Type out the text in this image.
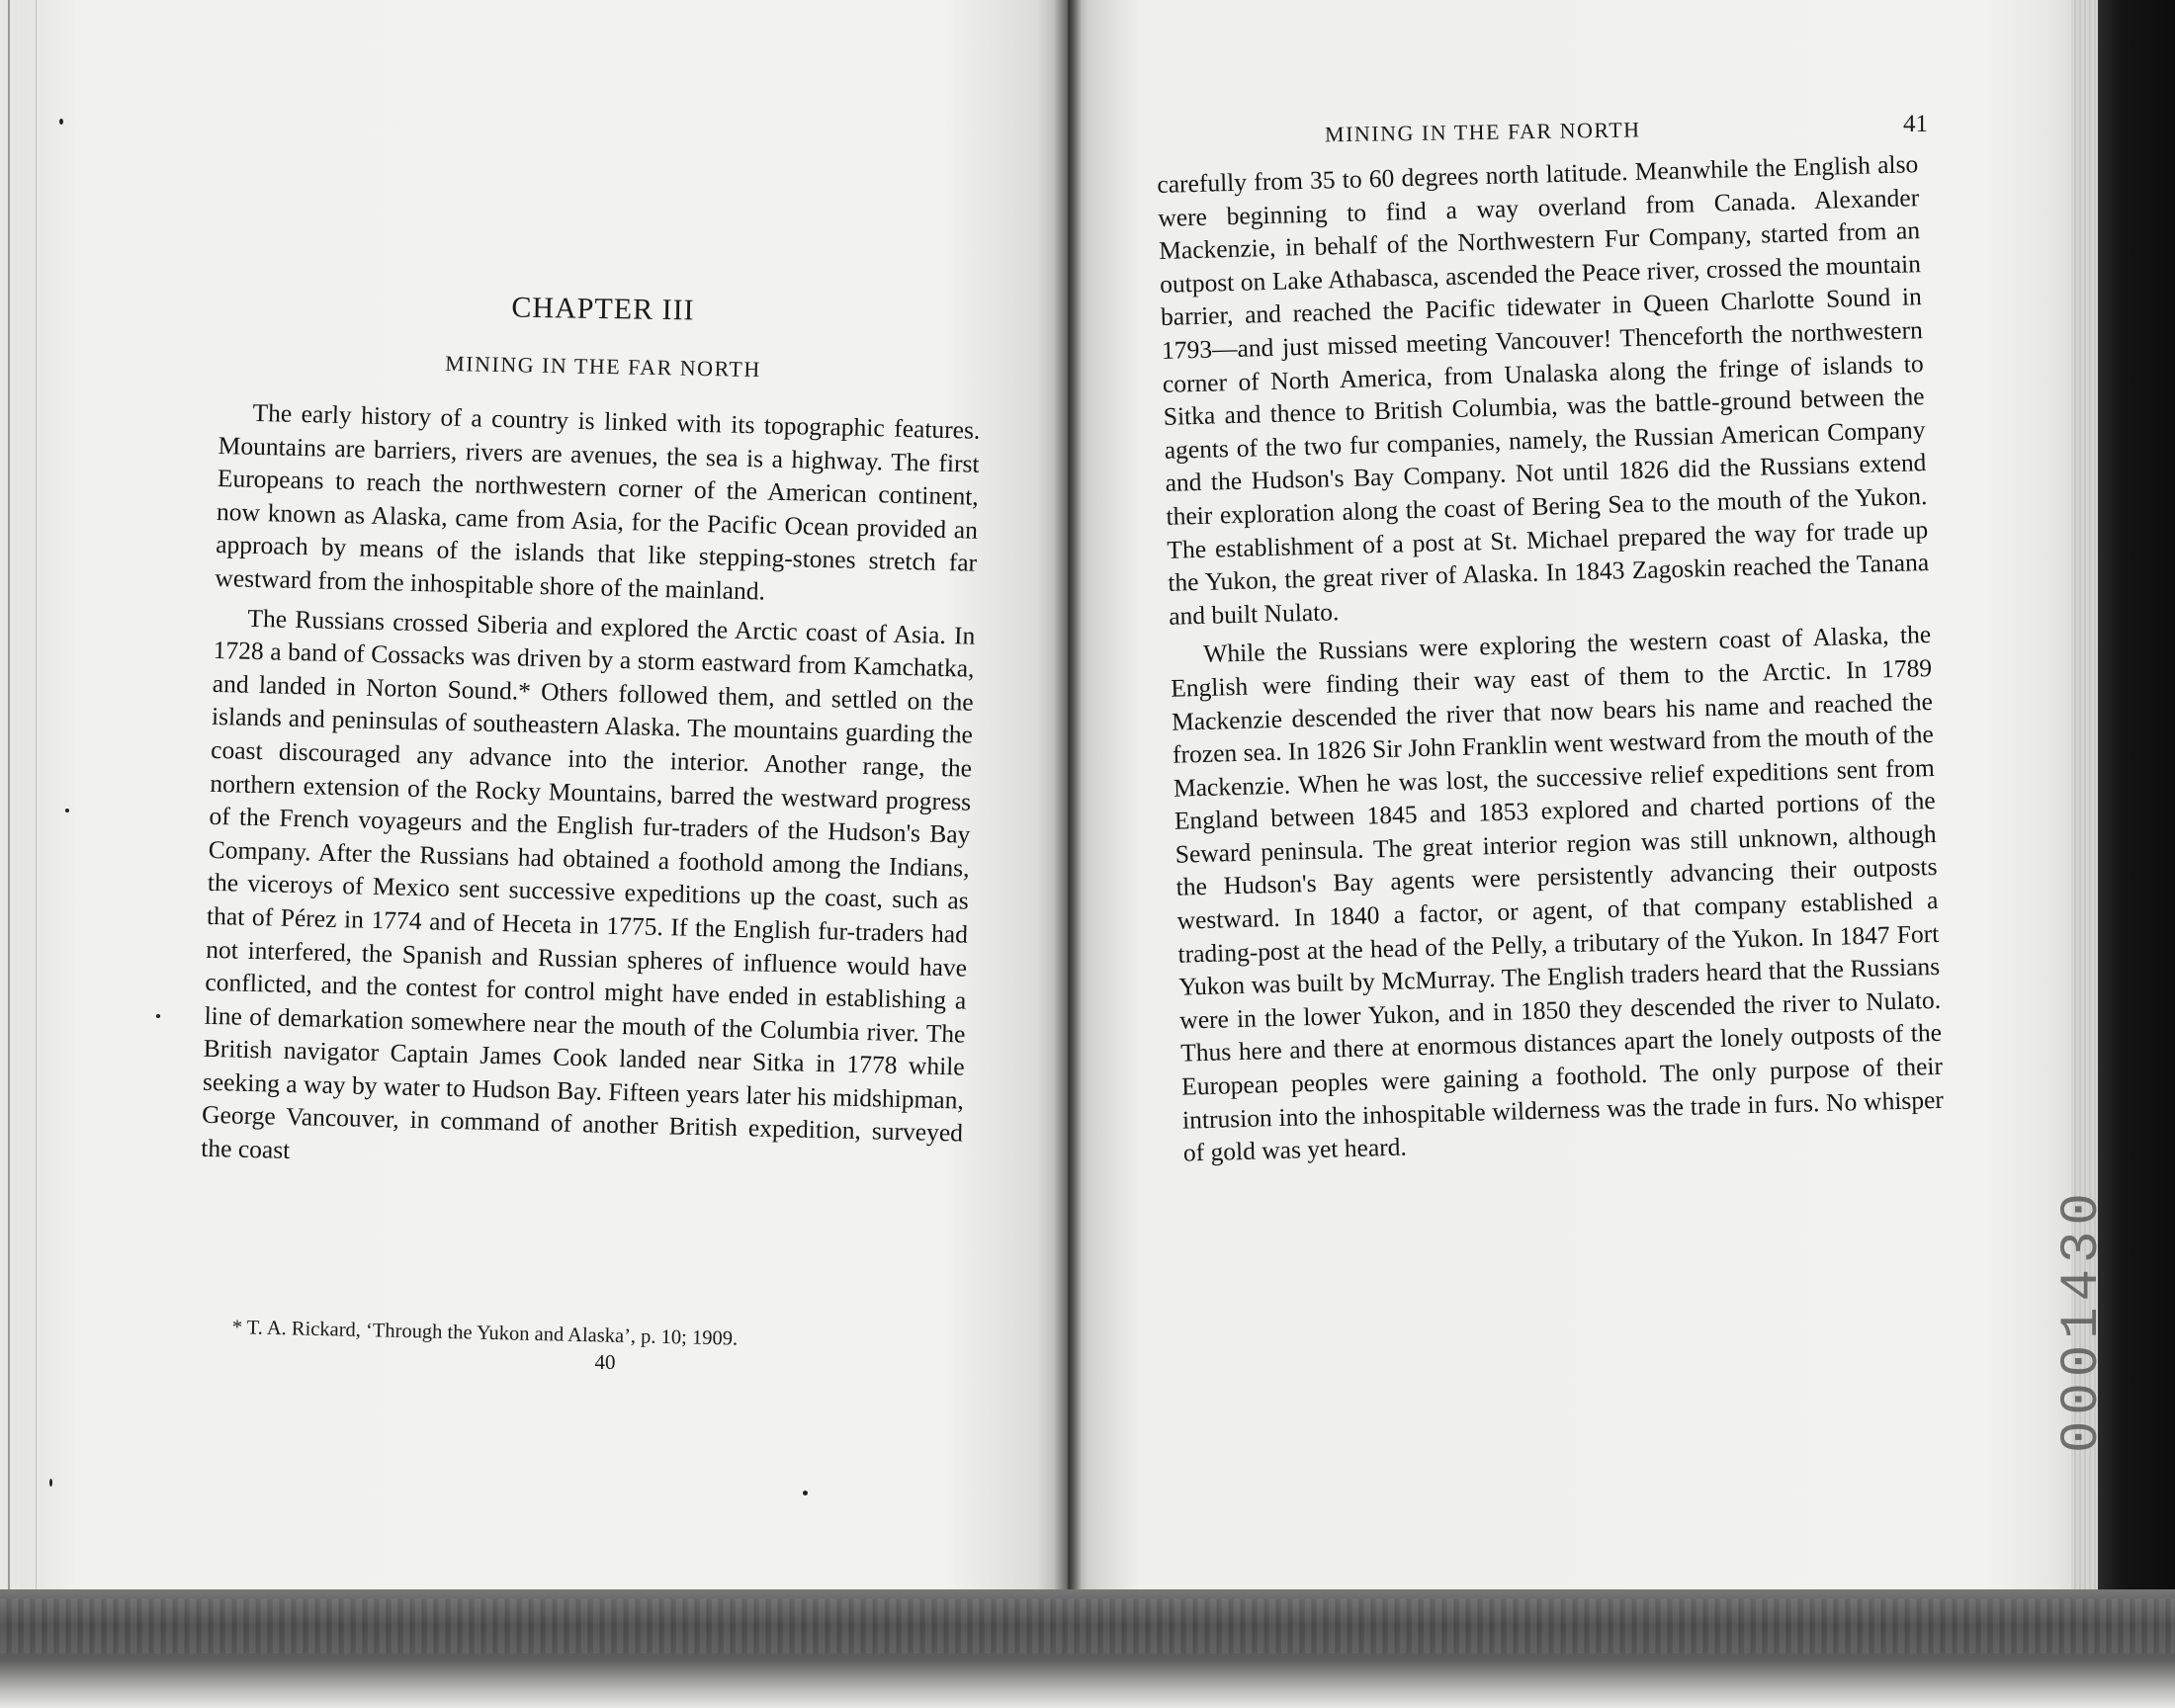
0001430
CHAPTER III
MINING IN THE FAR NORTH

The early history of a country is linked with its topographic features. Mountains are barriers, rivers are avenues, the sea is a highway. The first Europeans to reach the northwestern corner of the American continent, now known as Alaska, came from Asia, for the Pacific Ocean provided an approach by means of the islands that like stepping-stones stretch far westward from the inhospitable shore of the mainland.

The Russians crossed Siberia and explored the Arctic coast of Asia. In 1728 a band of Cossacks was driven by a storm eastward from Kamchatka, and landed in Norton Sound.* Others followed them, and settled on the islands and peninsulas of southeastern Alaska. The mountains guarding the coast discouraged any advance into the interior. Another range, the northern extension of the Rocky Mountains, barred the westward progress of the French voyageurs and the English fur-traders of the Hudson's Bay Company. After the Russians had obtained a foothold among the Indians, the viceroys of Mexico sent successive expeditions up the coast, such as that of Pérez in 1774 and of Heceta in 1775. If the English fur-traders had not interfered, the Spanish and Russian spheres of influence would have conflicted, and the contest for control might have ended in establishing a line of demarkation somewhere near the mouth of the Columbia river. The British navigator Captain James Cook landed near Sitka in 1778 while seeking a way by water to Hudson Bay. Fifteen years later his midshipman, George Vancouver, in command of another British expedition, surveyed the coast

* T. A. Rickard, ‘Through the Yukon and Alaska’, p. 10; 1909.
40
MINING IN THE FAR NORTH	41

carefully from 35 to 60 degrees north latitude. Meanwhile the English also were beginning to find a way overland from Canada. Alexander Mackenzie, in behalf of the Northwestern Fur Company, started from an outpost on Lake Athabasca, ascended the Peace river, crossed the mountain barrier, and reached the Pacific tidewater in Queen Charlotte Sound in 1793—and just missed meeting Vancouver! Thenceforth the northwestern corner of North America, from Unalaska along the fringe of islands to Sitka and thence to British Columbia, was the battle-ground between the agents of the two fur companies, namely, the Russian American Company and the Hudson's Bay Company. Not until 1826 did the Russians extend their exploration along the coast of Bering Sea to the mouth of the Yukon. The establishment of a post at St. Michael prepared the way for trade up the Yukon, the great river of Alaska. In 1843 Zagoskin reached the Tanana and built Nulato.

While the Russians were exploring the western coast of Alaska, the English were finding their way east of them to the Arctic. In 1789 Mackenzie descended the river that now bears his name and reached the frozen sea. In 1826 Sir John Franklin went westward from the mouth of the Mackenzie. When he was lost, the successive relief expeditions sent from England between 1845 and 1853 explored and charted portions of the Seward peninsula. The great interior region was still unknown, although the Hudson's Bay agents were persistently advancing their outposts westward. In 1840 a factor, or agent, of that company established a trading-post at the head of the Pelly, a tributary of the Yukon. In 1847 Fort Yukon was built by McMurray. The English traders heard that the Russians were in the lower Yukon, and in 1850 they descended the river to Nulato. Thus here and there at enormous distances apart the lonely outposts of the European peoples were gaining a foothold. The only purpose of their intrusion into the inhospitable wilderness was the trade in furs. No whisper of gold was yet heard.
